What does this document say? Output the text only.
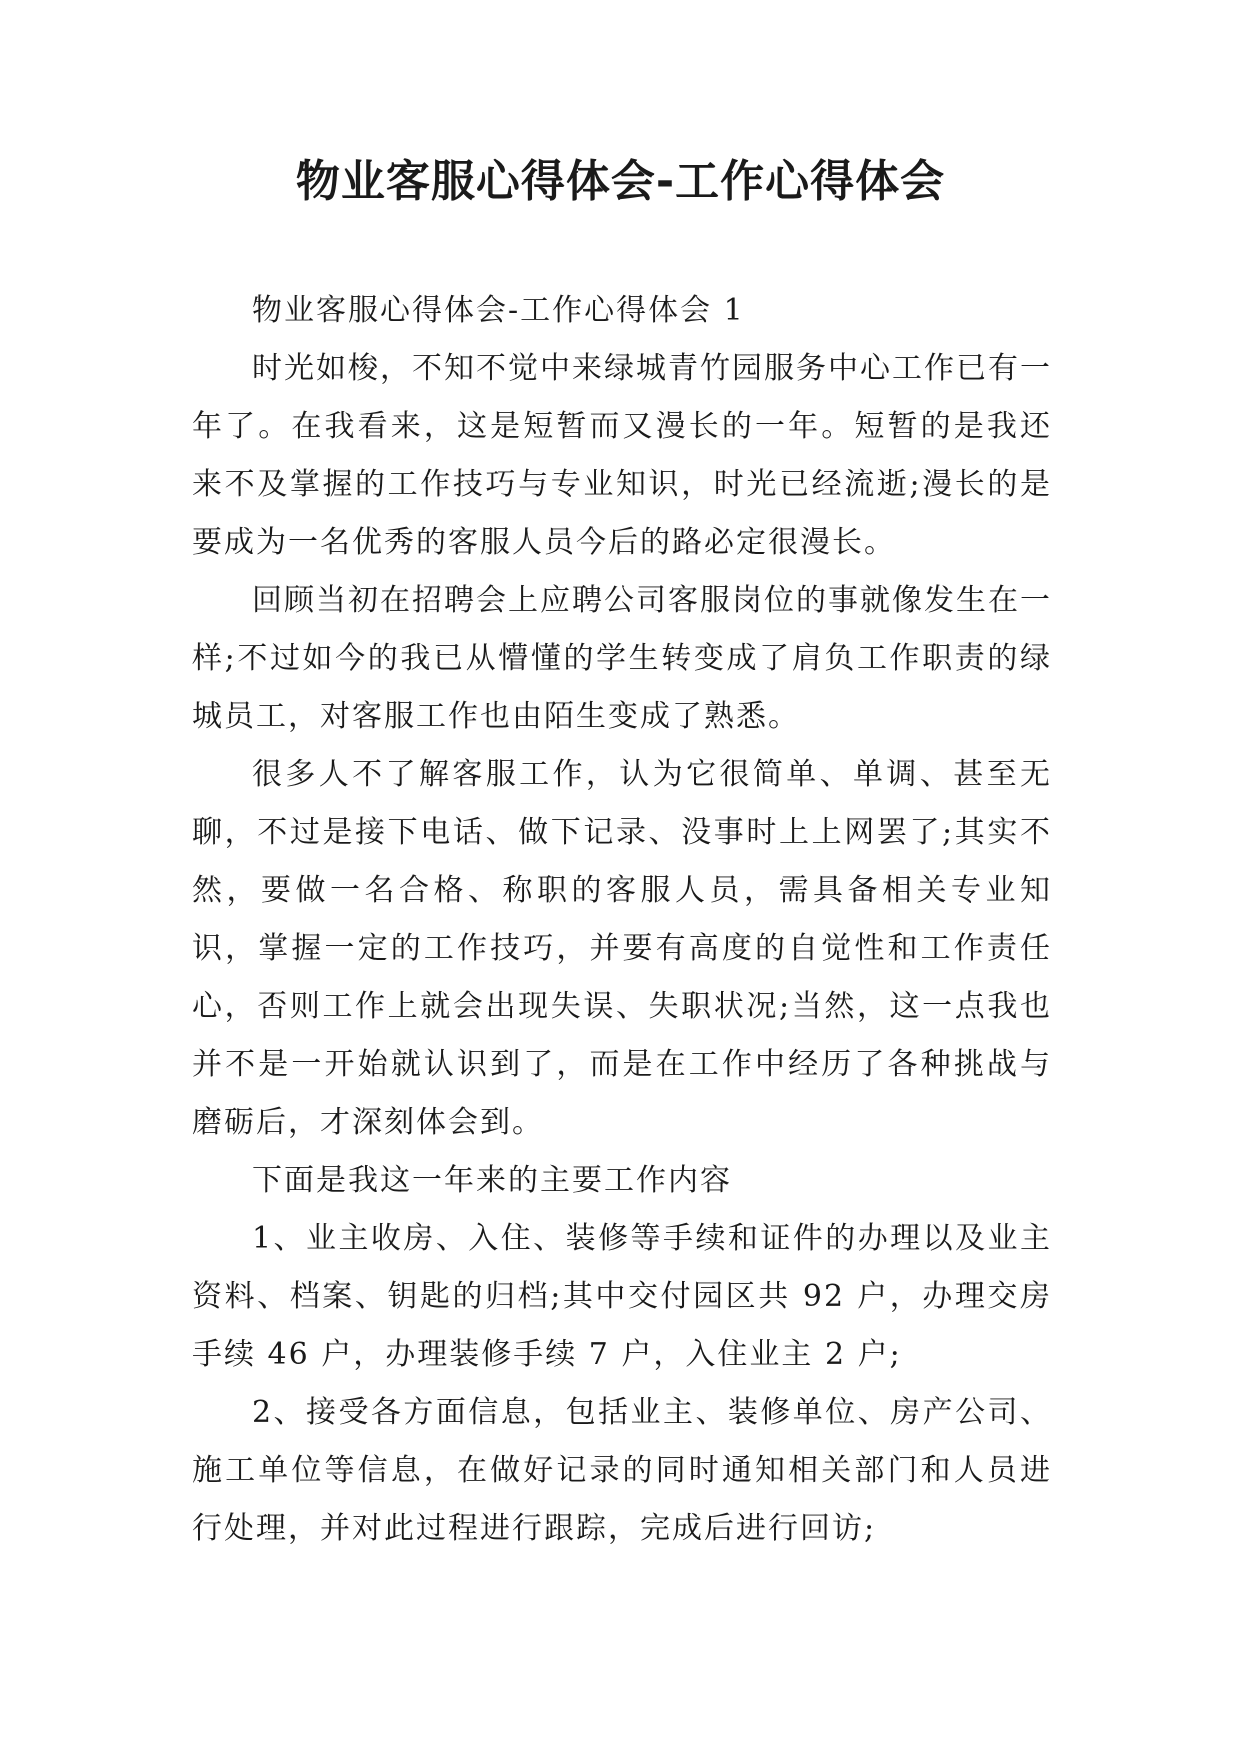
物业客服心得体会-工作心得体会

物业客服心得体会-工作心得体会 1

时光如梭，不知不觉中来绿城青竹园服务中心工作已有一年了。在我看来，这是短暂而又漫长的一年。短暂的是我还来不及掌握的工作技巧与专业知识，时光已经流逝;漫长的是要成为一名优秀的客服人员今后的路必定很漫长。

回顾当初在招聘会上应聘公司客服岗位的事就像发生在一样;不过如今的我已从懵懂的学生转变成了肩负工作职责的绿城员工，对客服工作也由陌生变成了熟悉。

很多人不了解客服工作，认为它很简单、单调、甚至无聊，不过是接下电话、做下记录、没事时上上网罢了;其实不然，要做一名合格、称职的客服人员，需具备相关专业知识，掌握一定的工作技巧，并要有高度的自觉性和工作责任心，否则工作上就会出现失误、失职状况;当然，这一点我也并不是一开始就认识到了，而是在工作中经历了各种挑战与磨砺后，才深刻体会到。

下面是我这一年来的主要工作内容

1、业主收房、入住、装修等手续和证件的办理以及业主资料、档案、钥匙的归档;其中交付园区共 92 户，办理交房手续 46 户，办理装修手续 7 户，入住业主 2 户;

2、接受各方面信息，包括业主、装修单位、房产公司、施工单位等信息，在做好记录的同时通知相关部门和人员进行处理，并对此过程进行跟踪，完成后进行回访;
